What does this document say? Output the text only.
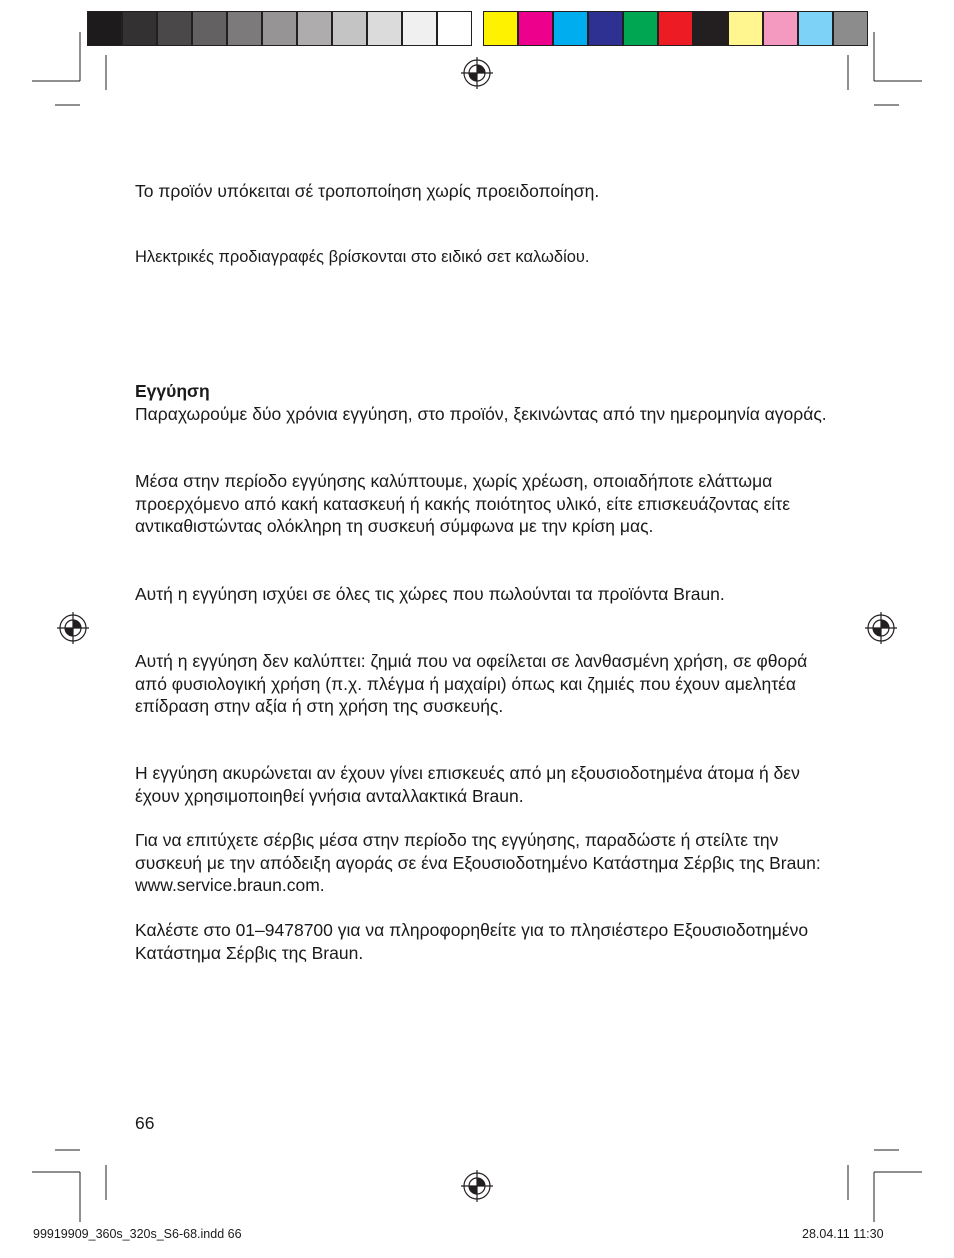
Το προϊόν υπόκειται σέ τροποποίηση χωρίς προειδοποίηση.

Ηλεκτρικές προδιαγραφές βρίσκονται στο ειδικό σετ καλωδίου.

Εγγύηση
Παραχωρούμε δύο χρόνια εγγύηση, στο προϊόν, ξεκινώντας από την ημερομηνία αγοράς.

Μέσα στην περίοδο εγγύησης καλύπτουμε, χωρίς χρέωση, οποιαδήποτε ελάττωμα προερχόμενο από κακή κατασκευή ή κακής ποιότητος υλικό, είτε επισκευάζοντας είτε αντικαθιστώντας ολόκληρη τη συσκευή σύμφωνα με την κρίση μας.

Αυτή η εγγύηση ισχύει σε όλες τις χώρες που πωλούνται τα προϊόντα Braun.

Αυτή η εγγύηση δεν καλύπτει: ζημιά που να οφείλεται σε λανθασμένη χρήση, σε φθορά από φυσιολογική χρήση (π.χ. πλέγμα ή μαχαίρι) όπως και ζημιές που έχουν αμελητέα επίδραση στην αξία ή στη χρήση της συσκευής.

Η εγγύηση ακυρώνεται αν έχουν γίνει επισκευές από μη εξουσιοδοτημένα άτομα ή δεν έχουν χρησιμοποιηθεί γνήσια ανταλλακτικά Braun.

Για να επιτύχετε σέρβις μέσα στην περίοδο της εγγύησης, παραδώστε ή στείλτε την συσκευή με την απόδειξη αγοράς σε ένα Εξουσιοδοτημένο Κατάστημα Σέρβις της Braun: www.service.braun.com.

Καλέστε στο 01–9478700 για να πληροφορηθείτε για το πλησιέστερο Εξουσιοδοτημένο Κατάστημα Σέρβις της Braun.

66
99919909_360s_320s_S6-68.indd 66	28.04.11 11:30
